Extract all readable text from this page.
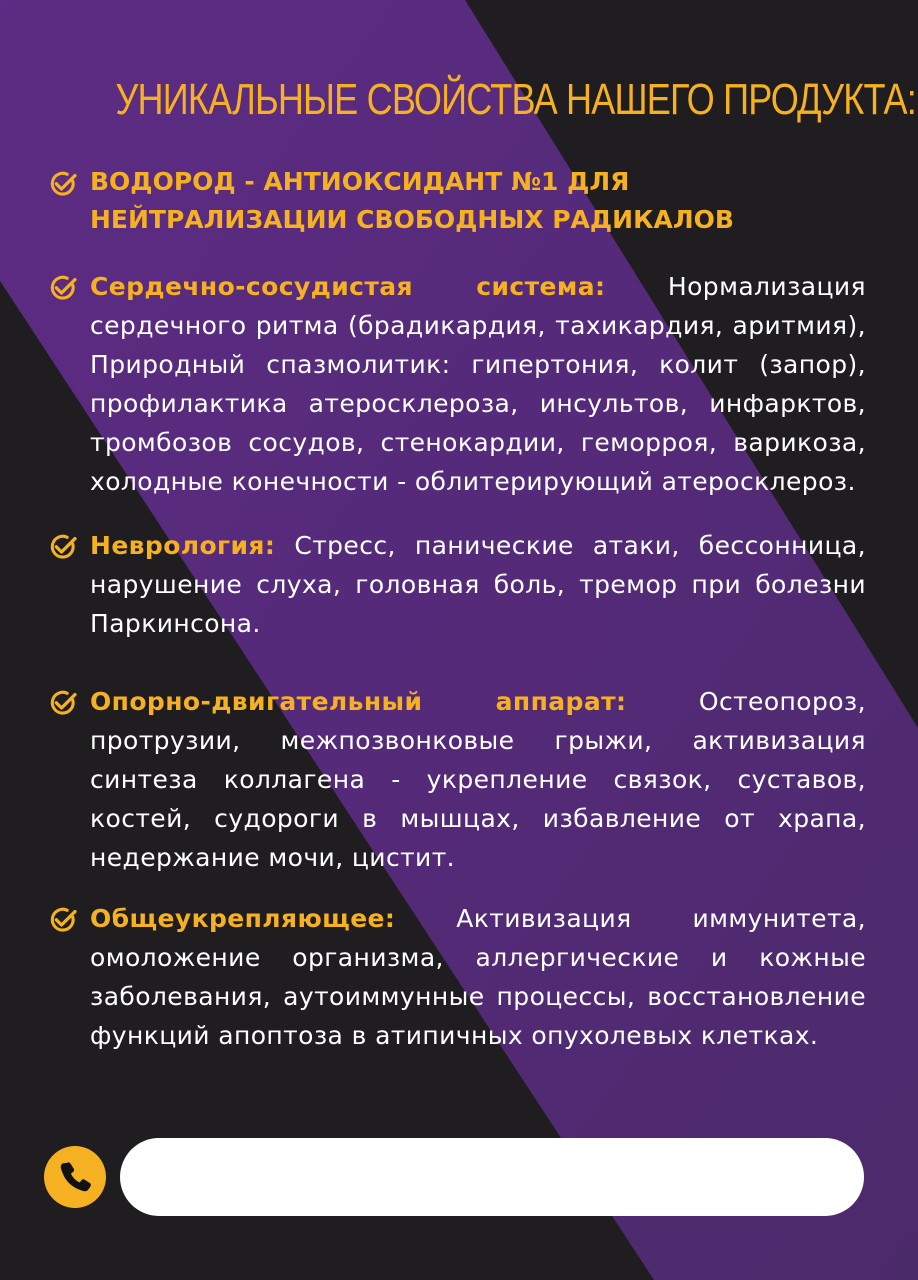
УНИКАЛЬНЫЕ СВОЙСТВА НАШЕГО ПРОДУКТА:
ВОДОРОД - АНТИОКСИДАНТ №1 ДЛЯ НЕЙТРАЛИЗАЦИИ СВОБОДНЫХ РАДИКАЛОВ
Сердечно-сосудистая система: Нормализация сердечного ритма (брадикардия, тахикардия, аритмия), Природный спазмолитик: гипертония, колит (запор), профилактика атеросклероза, инсультов, инфарктов, тромбозов сосудов, стенокардии, геморроя, варикоза, холодные конечности - облитерирующий атеросклероз.
Неврология: Стресс, панические атаки, бессонница, нарушение слуха, головная боль, тремор при болезни Паркинсона.
Опорно-двигательный аппарат: Остеопороз, протрузии, межпозвонковые грыжи, активизация синтеза коллагена - укрепление связок, суставов, костей, судороги в мышцах, избавление от храпа, недержание мочи, цистит.
Общеукрепляющее: Активизация иммунитета, омоложение организма, аллергические и кожные заболевания, аутоиммунные процессы, восстановление функций апоптоза в атипичных опухолевых клетках.
